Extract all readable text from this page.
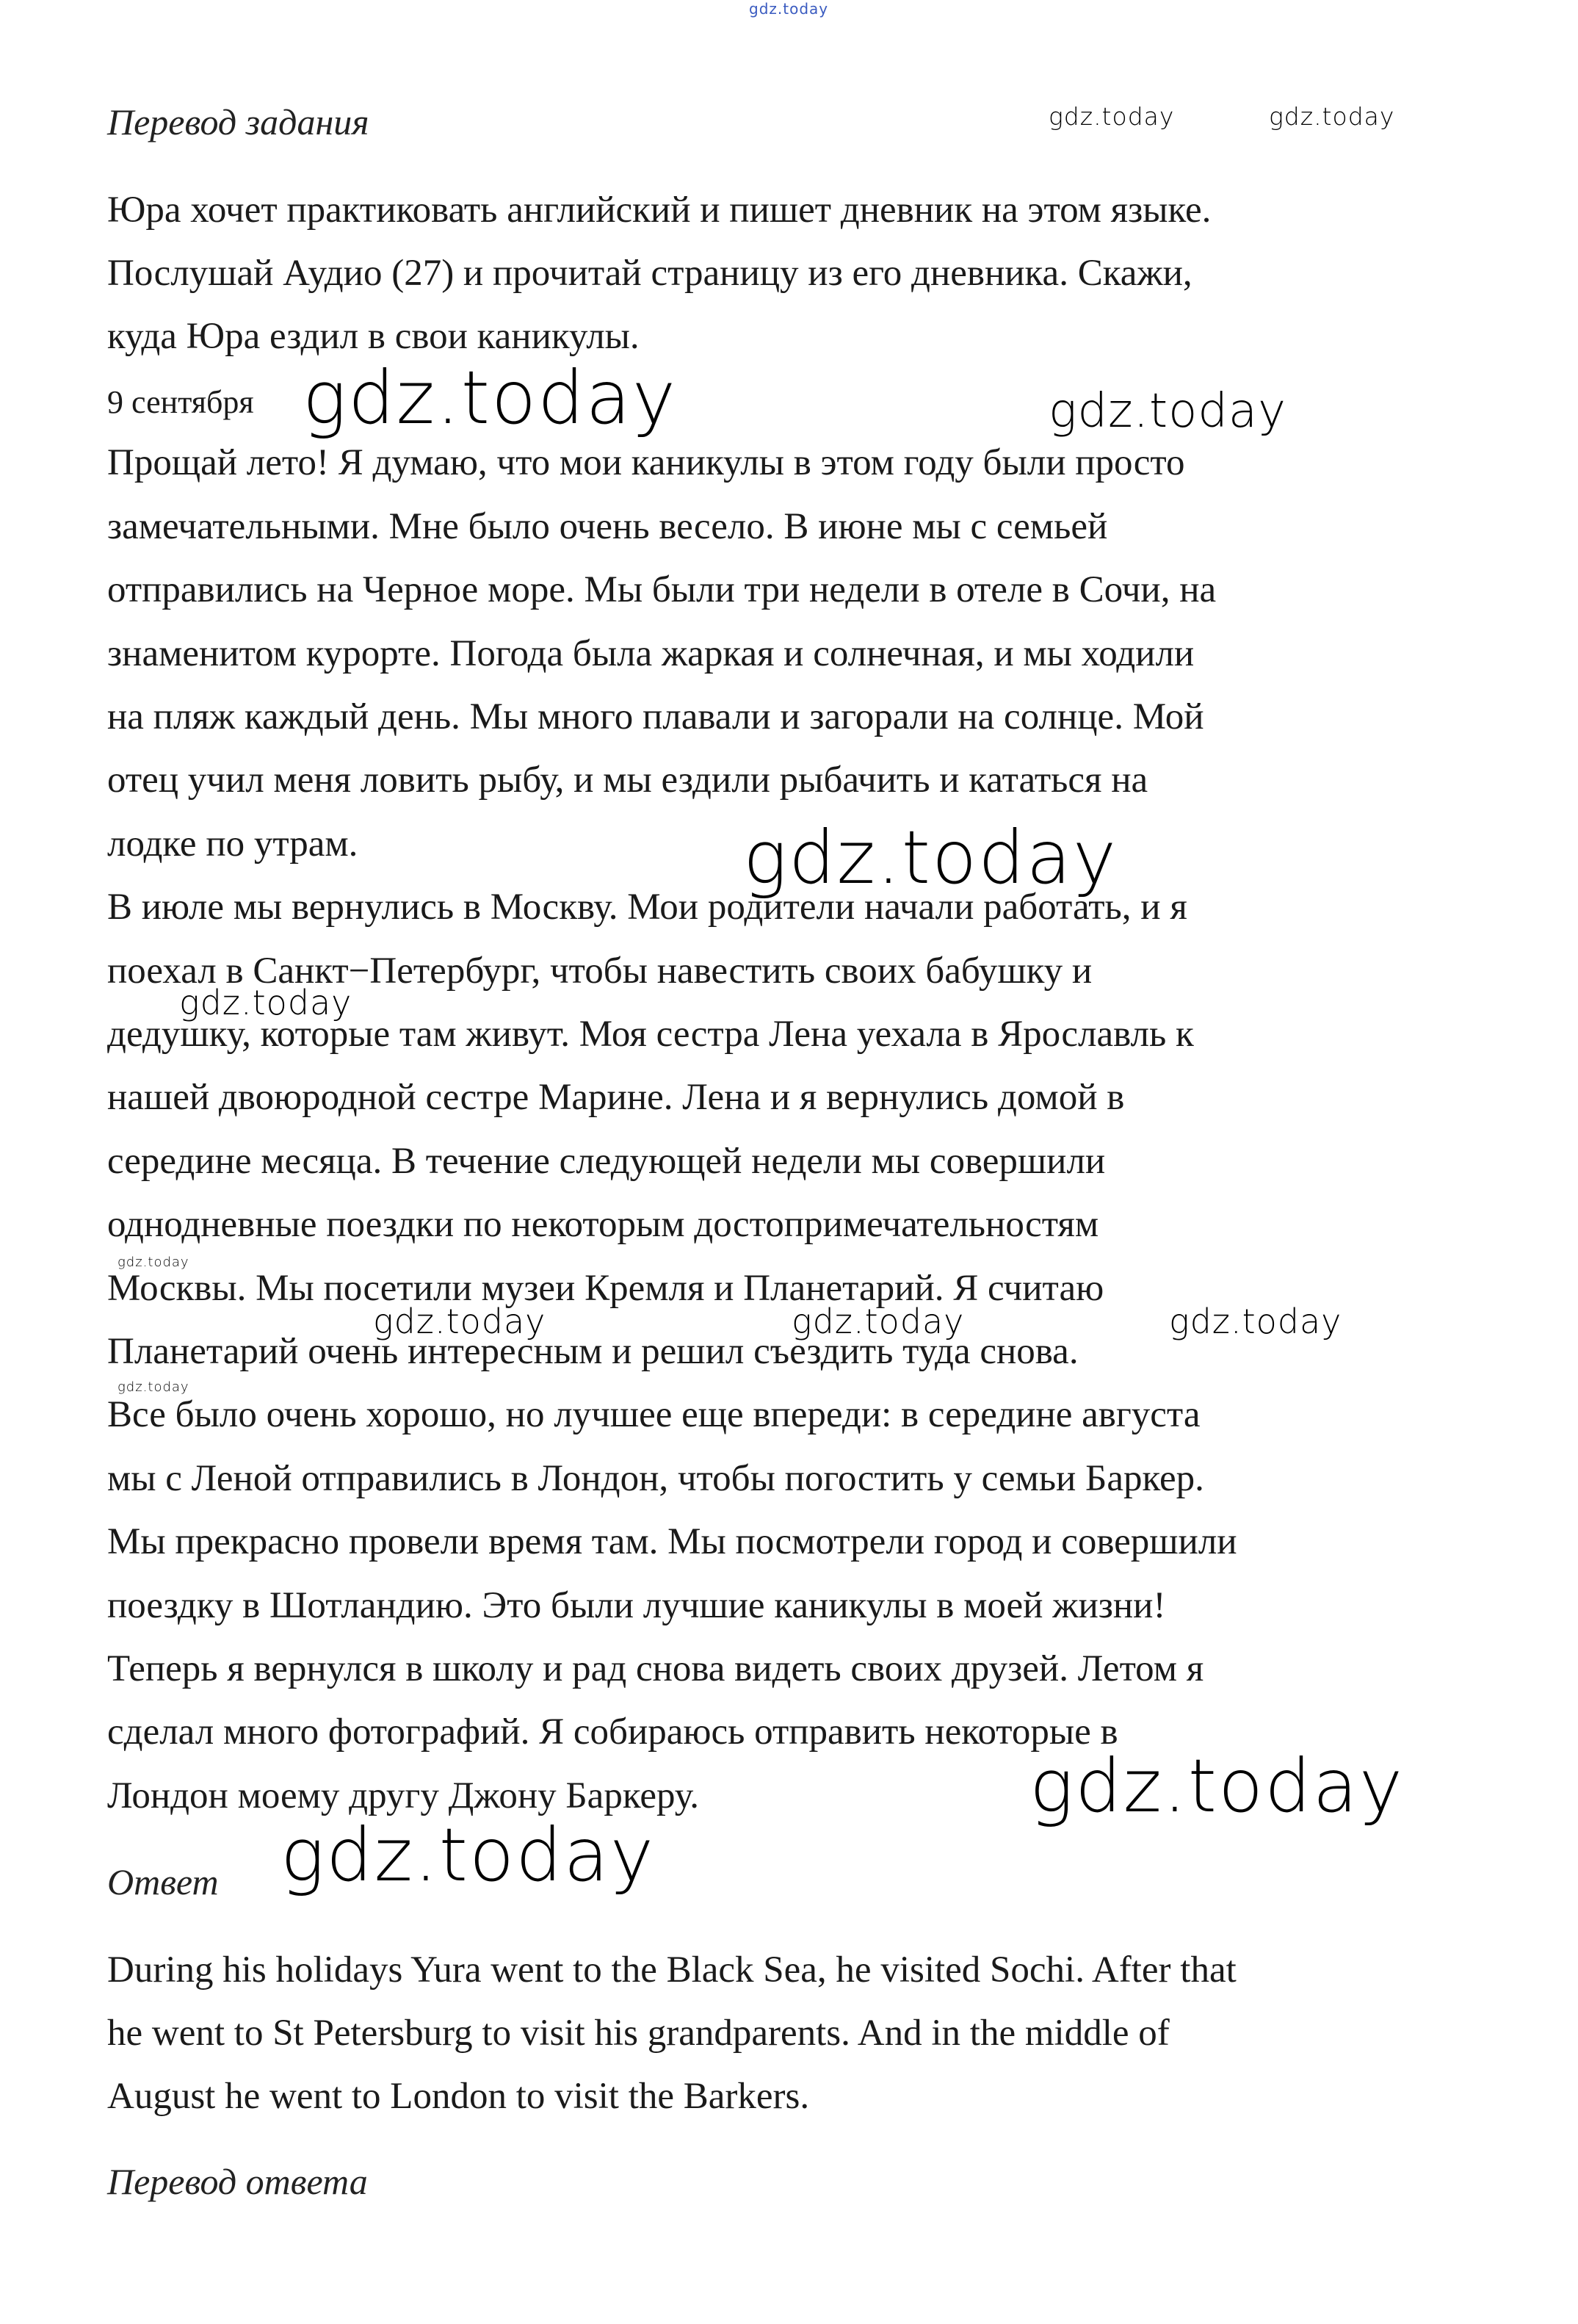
gdz.today
Перевод задания
Юра хочет практиковать английский и пишет дневник на этом языке.
Послушай Аудио (27) и прочитай страницу из его дневника. Скажи,
куда Юра ездил в свои каникулы.
9 сентября
Прощай лето! Я думаю, что мои каникулы в этом году были просто
замечательными. Мне было очень весело. В июне мы с семьей
отправились на Черное море. Мы были три недели в отеле в Сочи, на
знаменитом курорте. Погода была жаркая и солнечная, и мы ходили
на пляж каждый день. Мы много плавали и загорали на солнце. Мой
отец учил меня ловить рыбу, и мы ездили рыбачить и кататься на
лодке по утрам.
В июле мы вернулись в Москву. Мои родители начали работать, и я
поехал в Санкт−Петербург, чтобы навестить своих бабушку и
дедушку, которые там живут. Моя сестра Лена уехала в Ярославль к
нашей двоюродной сестре Марине. Лена и я вернулись домой в
середине месяца. В течение следующей недели мы совершили
однодневные поездки по некоторым достопримечательностям
Москвы. Мы посетили музеи Кремля и Планетарий. Я считаю
Планетарий очень интересным и решил съездить туда снова.
Все было очень хорошо, но лучшее еще впереди: в середине августа
мы с Леной отправились в Лондон, чтобы погостить у семьи Баркер.
Мы прекрасно провели время там. Мы посмотрели город и совершили
поездку в Шотландию. Это были лучшие каникулы в моей жизни!
Теперь я вернулся в школу и рад снова видеть своих друзей. Летом я
сделал много фотографий. Я собираюсь отправить некоторые в
Лондон моему другу Джону Баркеру.
Ответ
During his holidays Yura went to the Black Sea, he visited Sochi. After that
he went to St Petersburg to visit his grandparents. And in the middle of
August he went to London to visit the Barkers.
Перевод ответа
gdz.today	gdz.today
gdz.today	gdz.today
gdz.today
gdz.today
gdz.today
gdz.today	gdz.today	gdz.today
gdz.today
gdz.today
gdz.today
